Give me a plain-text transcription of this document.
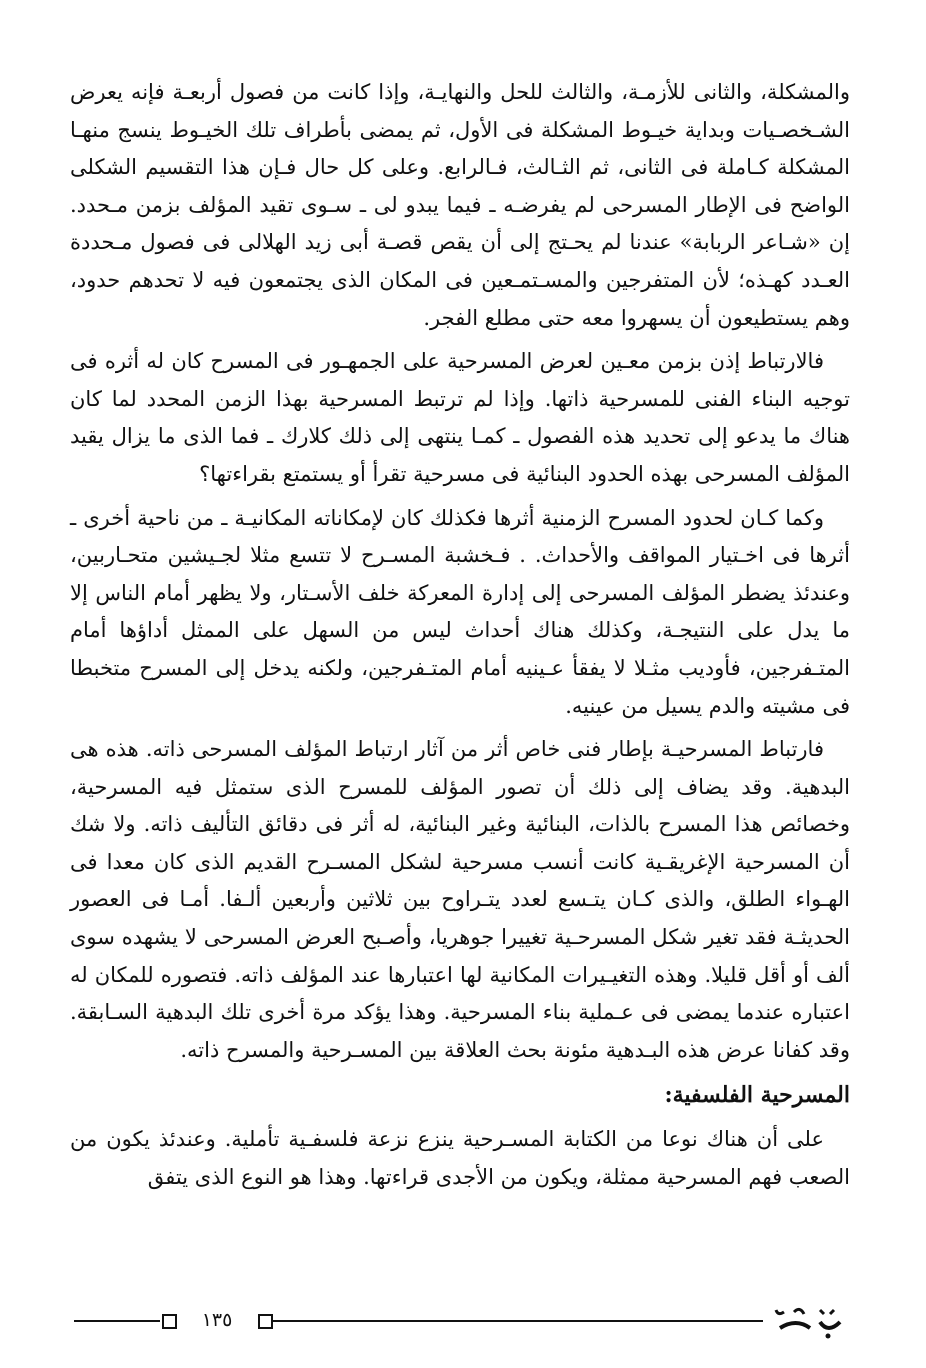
والمشكلة، والثانى للأزمـة، والثالث للحل والنهايـة، وإذا كانت من فصول أربعـة فإنه يعرض الشـخصـيات وبداية خيـوط المشكلة فى الأول، ثم يمضى بأطراف تلك الخيـوط ينسج منهـا المشكلة كـاملة فى الثانى، ثم الثـالث، فـالرابع. وعلى كل حال فـإن هذا التقسيم الشكلى الواضح فى الإطار المسرحى لم يفرضـه ـ فيما يبدو لى ـ سـوى تقيد المؤلف بزمن مـحدد. إن «شـاعر الربابة» عندنا لم يحـتج إلى أن يقص قصـة أبى زيد الهلالى فى فصول مـحددة العـدد كهـذه؛ لأن المتفرجين والمسـتمـعين فى المكان الذى يجتمعون فيه لا تحدهم حدود، وهم يستطيعون أن يسهروا معه حتى مطلع الفجر.

فالارتباط إذن بزمن معـين لعرض المسرحية على الجمهـور فى المسرح كان له أثره فى توجيه البناء الفنى للمسرحية ذاتها. وإذا لم ترتبط المسرحية بهذا الزمن المحدد لما كان هناك ما يدعو إلى تحديد هذه الفصول ـ كمـا ينتهى إلى ذلك كلارك ـ فما الذى ما يزال يقيد المؤلف المسرحى بهذه الحدود البنائية فى مسرحية تقرأ أو يستمتع بقراءتها؟

وكما كـان لحدود المسرح الزمنية أثرها فكذلك كان لإمكاناته المكانيـة ـ من ناحية أخرى ـ أثرها فى اخـتيار المواقف والأحداث. . فـخشبة المسـرح لا تتسع مثلا لجـيشين متحـاربين، وعندئذ يضطر المؤلف المسرحى إلى إدارة المعركة خلف الأسـتار، ولا يظهر أمام الناس إلا ما يدل على النتيجـة، وكذلك هناك أحداث ليس من السهل على الممثل أداؤها أمام المتـفرجين، فأوديب مثـلا لا يفقأ عـينيه أمام المتـفرجين، ولكنه يدخل إلى المسرح متخبطا فى مشيته والدم يسيل من عينيه.

فارتباط المسرحيـة بإطار فنى خاص أثر من آثار ارتباط المؤلف المسرحى ذاته. هذه هى البدهية. وقد يضاف إلى ذلك أن تصور المؤلف للمسرح الذى ستمثل فيه المسرحية، وخصائص هذا المسرح بالذات، البنائية وغير البنائية، له أثر فى دقائق التأليف ذاته. ولا شك أن المسرحية الإغريقـية كانت أنسب مسرحية لشكل المسـرح القديم الذى كان معدا فى الهـواء الطلق، والذى كـان يتـسع لعدد يتـراوح بين ثلاثين وأربعين ألـفا. أمـا فى العصور الحديثـة فقد تغير شكل المسرحـية تغييرا جوهريا، وأصـبح العرض المسرحى لا يشهده سوى ألف أو أقل قليلا. وهذه التغيـيرات المكانية لها اعتبارها عند المؤلف ذاته. فتصوره للمكان له اعتباره عندما يمضى فى عـملية بناء المسرحية. وهذا يؤكد مرة أخرى تلك البدهية السـابقة. وقد كفانا عرض هذه البـدهية مئونة بحث العلاقة بين المسـرحية والمسرح ذاته.

المسرحية الفلسفية:

على أن هناك نوعا من الكتابة المسـرحية ينزع نزعة فلسفـية تأملية. وعندئذ يكون من الصعب فهم المسرحية ممثلة، ويكون من الأجدى قراءتها. وهذا هو النوع الذى يتفق

١٣٥
